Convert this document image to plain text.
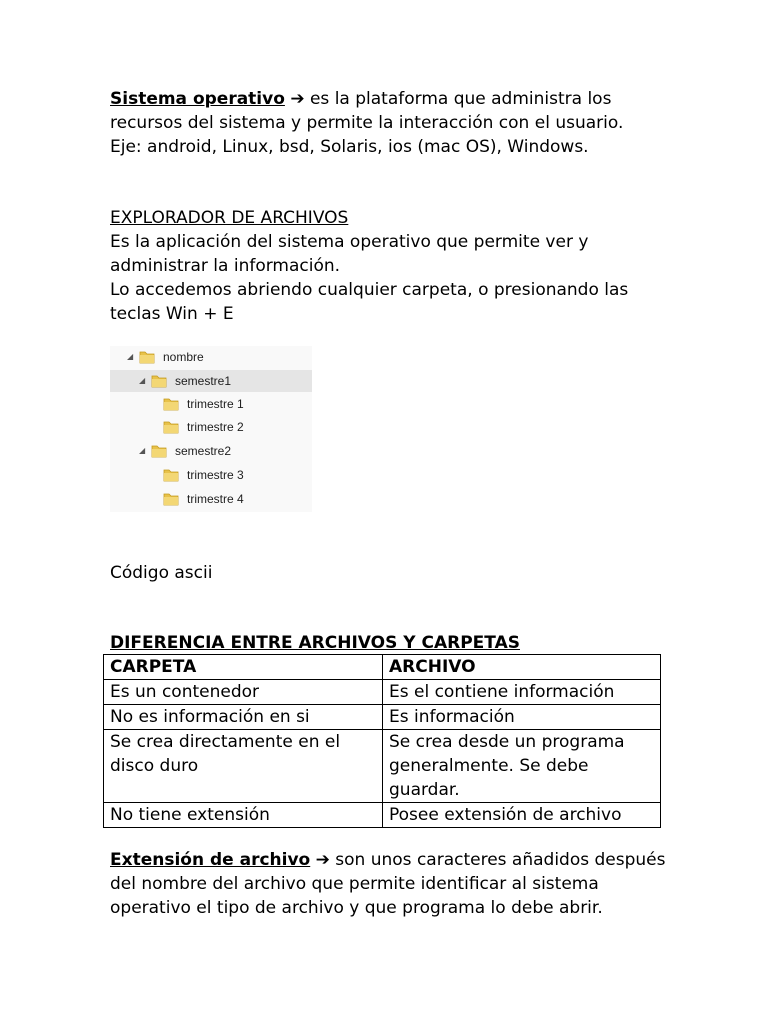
Sistema operativo ➔ es la plataforma que administra los
recursos del sistema y permite la interacción con el usuario.
Eje: android, Linux, bsd, Solaris, ios (mac OS), Windows.

EXPLORADOR DE ARCHIVOS
Es la aplicación del sistema operativo que permite ver y
administrar la información.
Lo accedemos abriendo cualquier carpeta, o presionando las
teclas Win + E

◢ nombre
◢ semestre1
trimestre 1
trimestre 2
◢ semestre2
trimestre 3
trimestre 4

Código ascii

DIFERENCIA ENTRE ARCHIVOS Y CARPETAS

CARPETA	ARCHIVO
Es un contenedor	Es el contiene información
No es información en si	Es información
Se crea directamente en el disco duro	Se crea desde un programa generalmente. Se debe guardar.
No tiene extensión	Posee extensión de archivo

Extensión de archivo ➔ son unos caracteres añadidos después
del nombre del archivo que permite identificar al sistema
operativo el tipo de archivo y que programa lo debe abrir.
